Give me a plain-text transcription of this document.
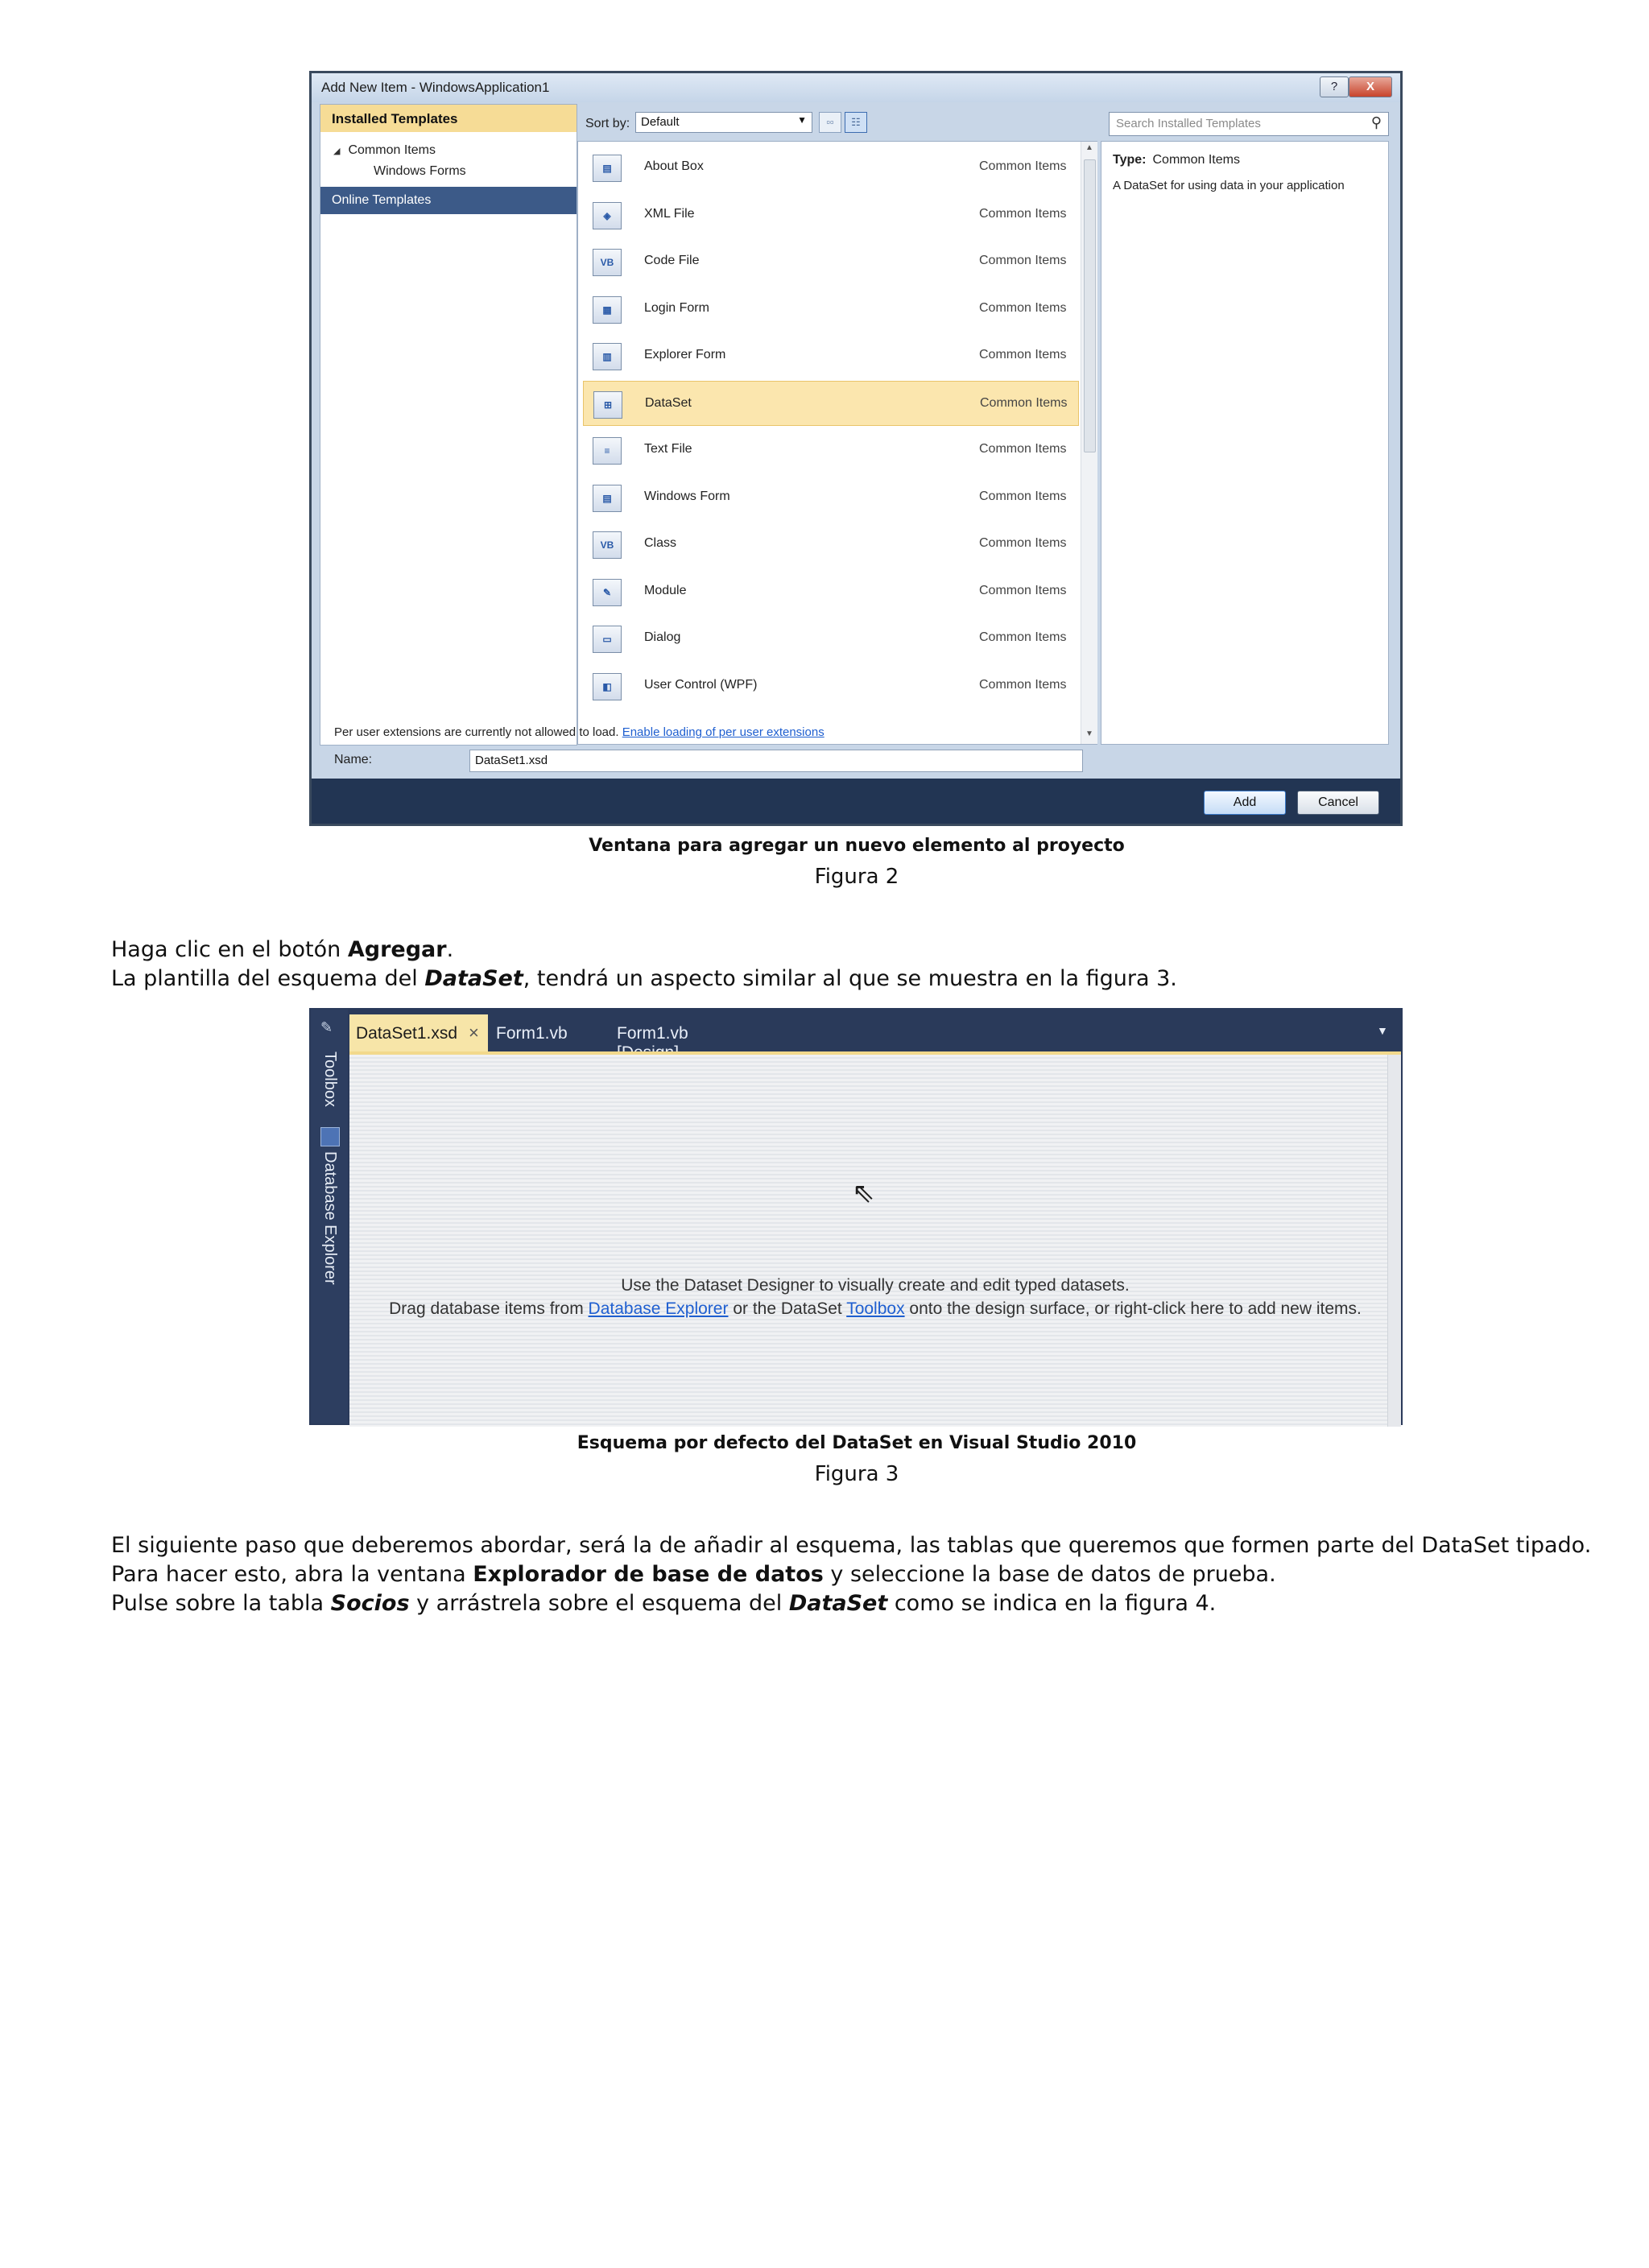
Add New Item - WindowsApplication1	?	X
Installed Templates
◢ Common Items
Windows Forms
Online Templates
Sort by: Default	▼	▫▫	☷	Search Installed Templates	⚲
▤	About Box	Common Items
◈	XML File	Common Items
VB	Code File	Common Items
▦	Login Form	Common Items
▥	Explorer Form	Common Items
⊞	DataSet	Common Items
≡	Text File	Common Items
▤	Windows Form	Common Items
VB	Class	Common Items
✎	Module	Common Items
▭	Dialog	Common Items
◧	User Control (WPF)	Common Items
▲
▼
Type: Common Items
A DataSet for using data in your application
Per user extensions are currently not allowed to load. Enable loading of per user extensions
Name:	DataSet1.xsd
Add	Cancel
Ventana para agregar un nuevo elemento al proyecto
Figura 2
Haga clic en el botón Agregar.
La plantilla del esquema del DataSet, tendrá un aspecto similar al que se muestra en la figura 3.
✎
Toolbox
Database Explorer
DataSet1.xsd × Form1.vb	Form1.vb	▼
⇖
Use the Dataset Designer to visually create and edit typed datasets.
Drag database items from Database Explorer or the DataSet Toolbox onto the design surface, or right-click here to add new items.
Esquema por defecto del DataSet en Visual Studio 2010
Figura 3
El siguiente paso que deberemos abordar, será la de añadir al esquema, las tablas que queremos que formen parte del DataSet tipado.
Para hacer esto, abra la ventana Explorador de base de datos y seleccione la base de datos de prueba.
Pulse sobre la tabla Socios y arrástrela sobre el esquema del DataSet como se indica en la figura 4.
